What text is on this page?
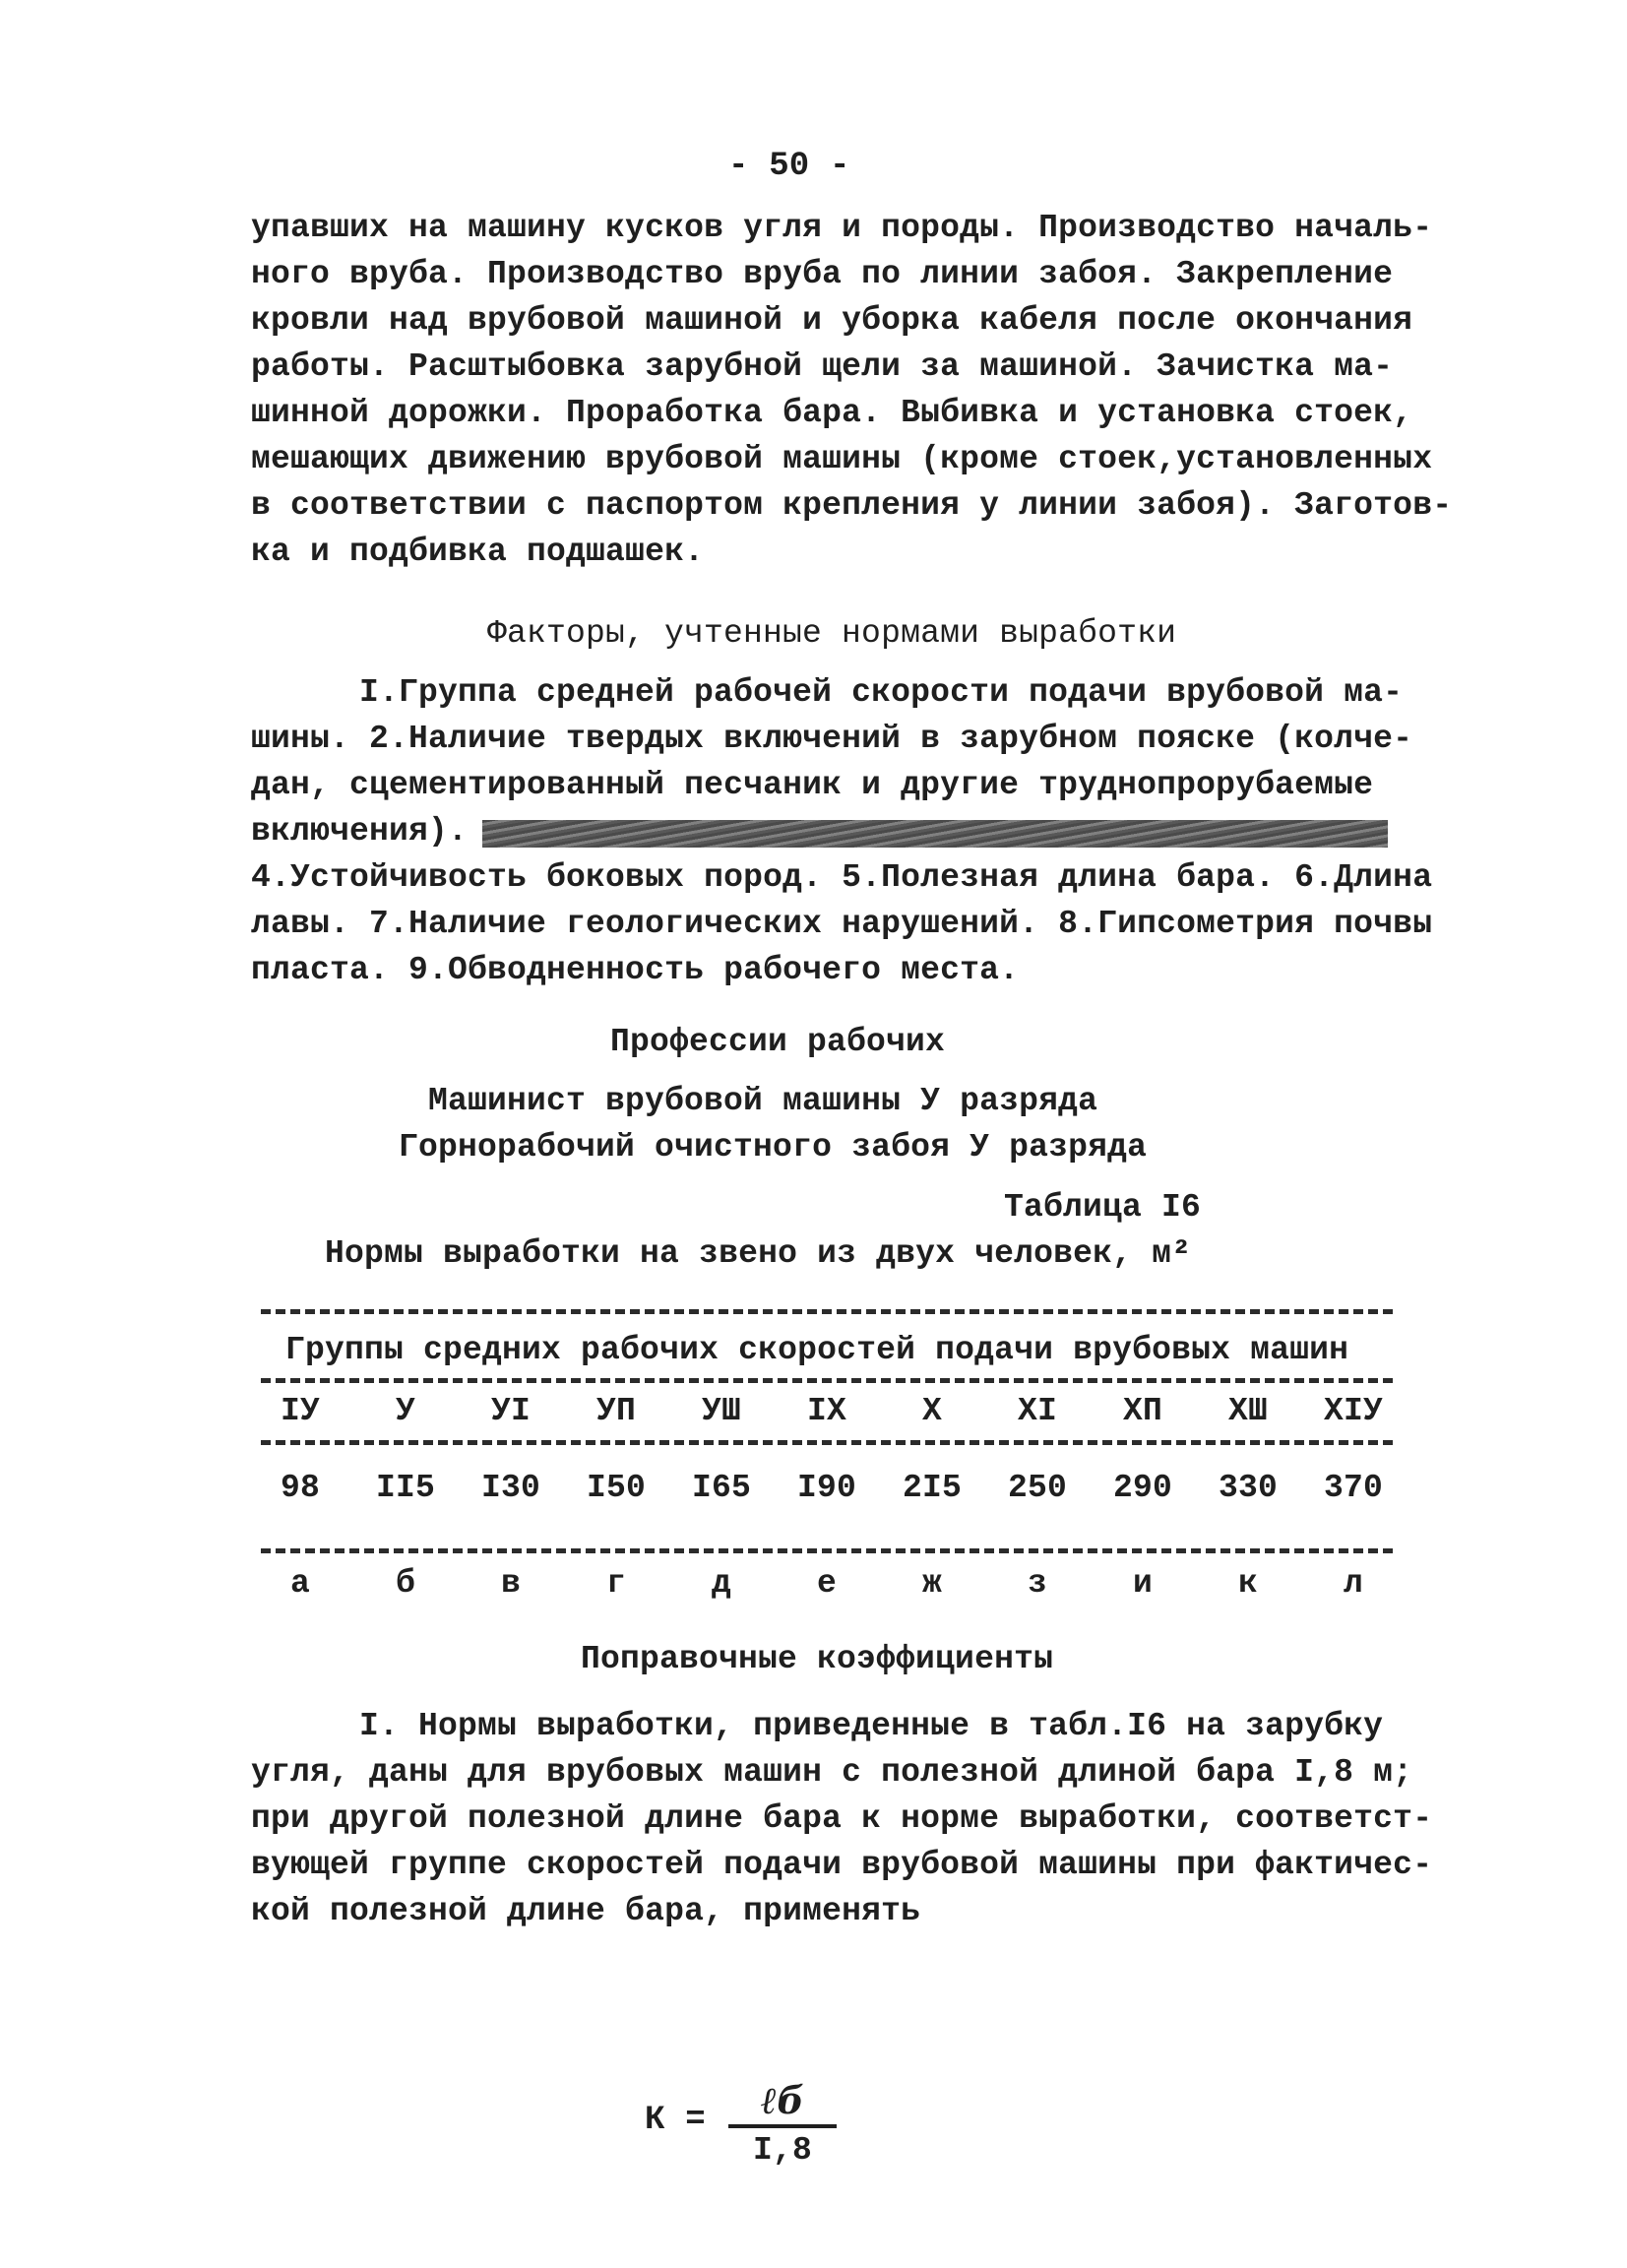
- 50 -
упавших на машину кусков угля и породы. Производство началь-
ного вруба. Производство вруба по линии забоя. Закрепление
кровли над врубовой машиной и уборка кабеля после окончания
работы. Расштыбовка зарубной щели за машиной. Зачистка ма-
шинной дорожки. Проработка бара. Выбивка и установка стоек,
мешающих движению врубовой машины (кроме стоек,установленных
в соответствии с паспортом крепления у линии забоя). Заготов-
ка и подбивка подшашек.
Факторы, учтенные нормами выработки
I.Группа средней рабочей скорости подачи врубовой ма-
шины. 2.Наличие твердых включений в зарубном пояске (колче-
дан, сцементированный песчаник и другие труднопрорубаемые
включения).
4.Устойчивость боковых пород. 5.Полезная длина бара. 6.Длина
лавы. 7.Наличие геологических нарушений. 8.Гипсометрия почвы
пласта. 9.Обводненность рабочего места.
Профессии рабочих
Машинист врубовой машины У разряда
Горнорабочий очистного забоя У разряда
Таблица I6
Нормы выработки на звено из двух человек, м²
Группы средних рабочих скоростей подачи врубовых машин
IУ	У	УI	УП	УШ	IX	X	XI	XП	XШ	XIУ
98	II5	I30	I50	I65	I90	2I5	250	290	330	370
а	б	в	г	д	е	ж	з	и	к	л
Поправочные коэффициенты
I. Нормы выработки, приведенные в табл.I6 на зарубку
угля, даны для врубовых машин с полезной длиной бара I,8 м;
при другой полезной длине бара к норме выработки, соответст-
вующей группе скоростей подачи врубовой машины при фактичес-
кой полезной длине бара, применять
К =	ℓб
I,8
